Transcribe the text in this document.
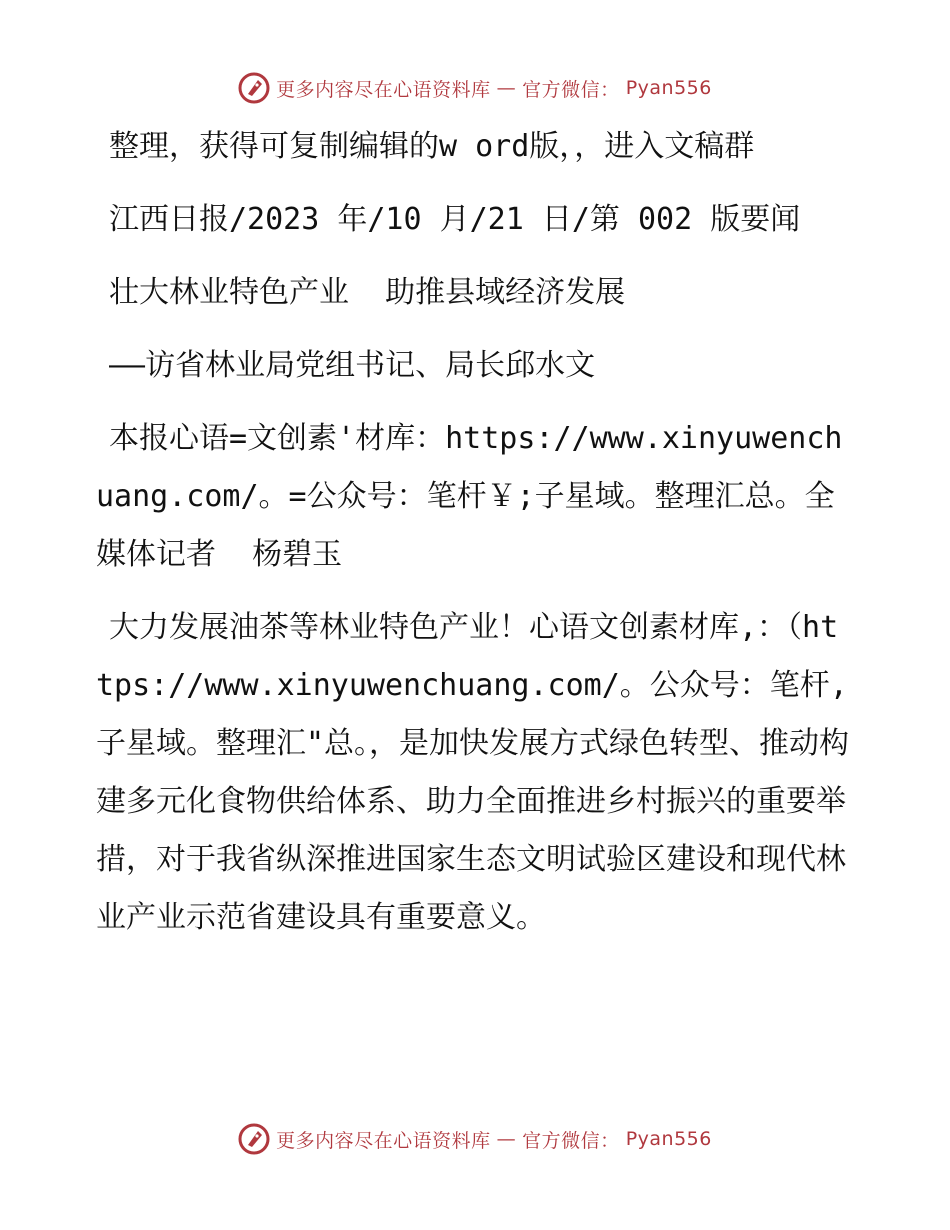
更多内容尽在心语资料库 — 官方微信： Pyan556

整理，获得可复制编辑的w ord版，，进入文稿群

江西日报/2023 年/10 月/21 日/第 002 版要闻

壮大林业特色产业  助推县域经济发展

——访省林业局党组书记、局长邱水文

本报心语=文创素'材库：https://www.xinyuwenchuang.com/。=公众号：笔杆￥;子星域。整理汇总。全媒体记者  杨碧玉

大力发展油茶等林业特色产业！心语文创素材库,：（https://www.xinyuwenchuang.com/。公众号：笔杆,子星域。整理汇"总。，是加快发展方式绿色转型、推动构建多元化食物供给体系、助力全面推进乡村振兴的重要举措，对于我省纵深推进国家生态文明试验区建设和现代林业产业示范省建设具有重要意义。

更多内容尽在心语资料库 — 官方微信： Pyan556
